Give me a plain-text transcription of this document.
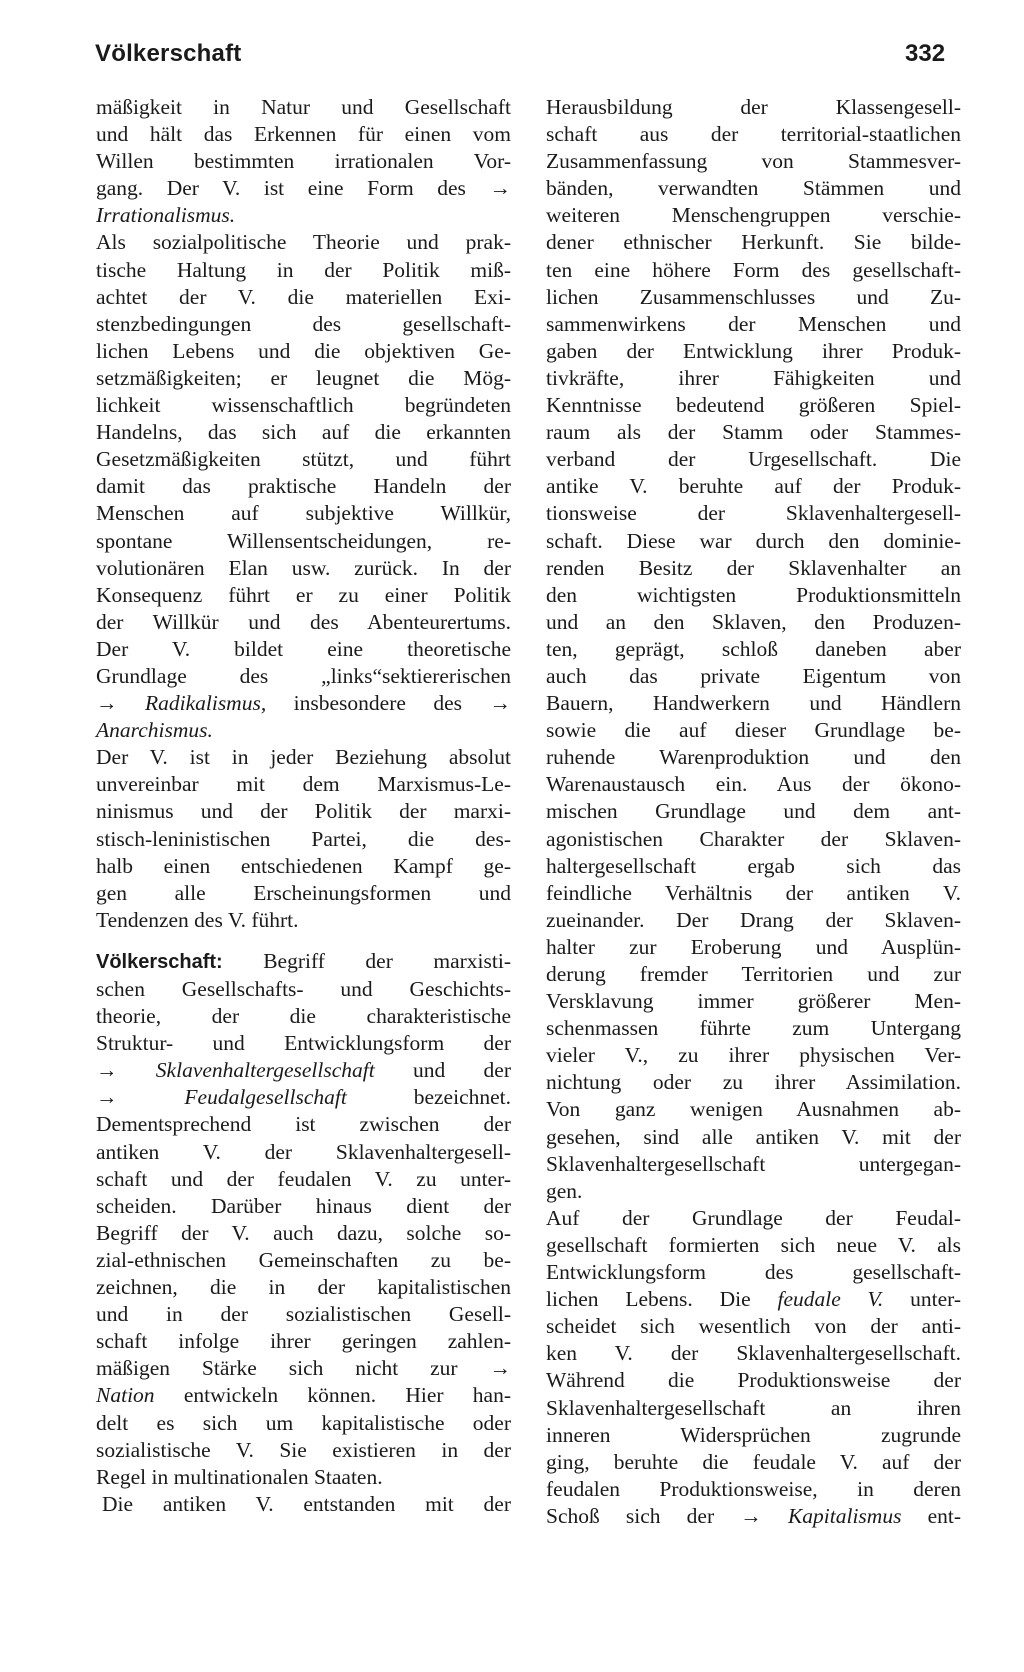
Völkerschaft	332
mäßigkeit in Natur und Gesellschaft
und hält das Erkennen für einen vom
Willen bestimmten irrationalen Vor-
gang. Der V. ist eine Form des →
Irrationalismus.
Als sozialpolitische Theorie und prak-
tische Haltung in der Politik miß-
achtet der V. die materiellen Exi-
stenzbedingungen des gesellschaft-
lichen Lebens und die objektiven Ge-
setzmäßigkeiten; er leugnet die Mög-
lichkeit wissenschaftlich begründeten
Handelns, das sich auf die erkannten
Gesetzmäßigkeiten stützt, und führt
damit das praktische Handeln der
Menschen auf subjektive Willkür,
spontane Willensentscheidungen, re-
volutionären Elan usw. zurück. In der
Konsequenz führt er zu einer Politik
der Willkür und des Abenteurertums.
Der V. bildet eine theoretische
Grundlage des „links“sektiererischen
→ Radikalismus, insbesondere des →
Anarchismus.
Der V. ist in jeder Beziehung absolut
unvereinbar mit dem Marxismus-Le-
ninismus und der Politik der marxi-
stisch-leninistischen Partei, die des-
halb einen entschiedenen Kampf ge-
gen alle Erscheinungsformen und
Tendenzen des V. führt.
Völkerschaft: Begriff der marxisti-
schen Gesellschafts- und Geschichts-
theorie, der die charakteristische
Struktur- und Entwicklungsform der
→ Sklavenhaltergesellschaft und der
→	Feudalgesellschaft	bezeichnet.
Dementsprechend ist zwischen der
antiken V. der Sklavenhaltergesell-
schaft und der feudalen V. zu unter-
scheiden. Darüber hinaus dient der
Begriff der V. auch dazu, solche so-
zial-ethnischen Gemeinschaften zu be-
zeichnen, die in der kapitalistischen
und in der sozialistischen Gesell-
schaft infolge ihrer geringen zahlen-
mäßigen Stärke sich nicht zur →
Nation entwickeln können. Hier han-
delt es sich um kapitalistische oder
sozialistische V. Sie existieren in der
Regel in multinationalen Staaten.
Die antiken V. entstanden mit der
Herausbildung der Klassengesell-
schaft aus der territorial-staatlichen
Zusammenfassung von Stammesver-
bänden, verwandten Stämmen und
weiteren Menschengruppen verschie-
dener ethnischer Herkunft. Sie bilde-
ten eine höhere Form des gesellschaft-
lichen Zusammenschlusses und Zu-
sammenwirkens der Menschen und
gaben der Entwicklung ihrer Produk-
tivkräfte, ihrer Fähigkeiten und
Kenntnisse bedeutend größeren Spiel-
raum als der Stamm oder Stammes-
verband der Urgesellschaft. Die
antike V. beruhte auf der Produk-
tionsweise der Sklavenhaltergesell-
schaft. Diese war durch den dominie-
renden Besitz der Sklavenhalter an
den wichtigsten Produktionsmitteln
und an den Sklaven, den Produzen-
ten, geprägt, schloß daneben aber
auch das private Eigentum von
Bauern, Handwerkern und Händlern
sowie die auf dieser Grundlage be-
ruhende Warenproduktion und den
Warenaustausch ein. Aus der ökono-
mischen Grundlage und dem ant-
agonistischen Charakter der Sklaven-
haltergesellschaft ergab sich das
feindliche Verhältnis der antiken V.
zueinander. Der Drang der Sklaven-
halter zur Eroberung und Ausplün-
derung fremder Territorien und zur
Versklavung immer größerer Men-
schenmassen führte zum Untergang
vieler V., zu ihrer physischen Ver-
nichtung oder zu ihrer Assimilation.
Von ganz wenigen Ausnahmen ab-
gesehen, sind alle antiken V. mit der
Sklavenhaltergesellschaft untergegan-
gen.
Auf der Grundlage der Feudal-
gesellschaft formierten sich neue V. als
Entwicklungsform des gesellschaft-
lichen Lebens. Die feudale V. unter-
scheidet sich wesentlich von der anti-
ken V. der Sklavenhaltergesellschaft.
Während die Produktionsweise der
Sklavenhaltergesellschaft an ihren
inneren Widersprüchen zugrunde
ging, beruhte die feudale V. auf der
feudalen Produktionsweise, in deren
Schoß sich der → Kapitalismus ent-
